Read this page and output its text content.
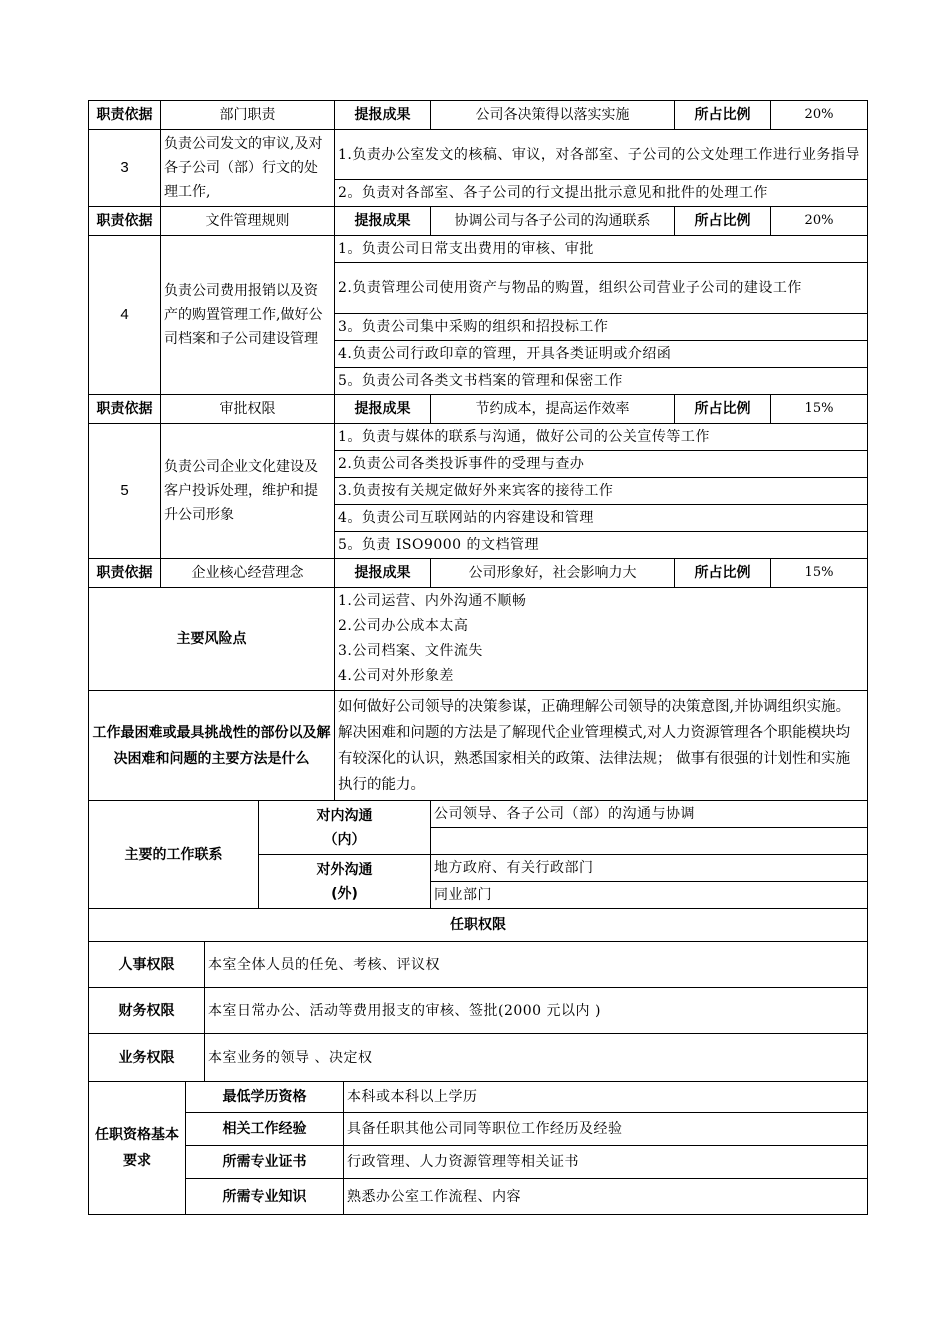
职责依据	部门职责		提报成果	公司各决策得以落实实施	所占比例	20%
3	负责公司发文的审议,及对各子公司（部）行文的处理工作,		1.负责办公室发文的核稿、审议，对各部室、子公司的公文处理工作进行业务指导			
			2。负责对各部室、各子公司的行文提出批示意见和批件的处理工作			
职责依据	文件管理规则		提报成果	协调公司与各子公司的沟通联系	所占比例	20%
4	负责公司费用报销以及资产的购置管理工作,做好公司档案和子公司建设管理		1。负责公司日常支出费用的审核、审批			
			2.负责管理公司使用资产与物品的购置，组织公司营业子公司的建设工作			
			3。负责公司集中采购的组织和招投标工作			
			4.负责公司行政印章的管理，开具各类证明或介绍函			
			5。负责公司各类文书档案的管理和保密工作			
职责依据	审批权限		提报成果	节约成本，提高运作效率	所占比例	15%
5	负责公司企业文化建设及客户投诉处理，维护和提升公司形象		1。负责与媒体的联系与沟通，做好公司的公关宣传等工作			
			2.负责公司各类投诉事件的受理与查办			
			3.负责按有关规定做好外来宾客的接待工作			
			4。负责公司互联网站的内容建设和管理			
			5。负责 ISO9000 的文档管理			
职责依据	企业核心经营理念		提报成果	公司形象好，社会影响力大	所占比例	15%
主要风险点			1.公司运营、内外沟通不顺畅
2.公司办公成本太高
3.公司档案、文件流失
4.公司对外形象差			

工作最困难或最具挑战性的部份以及解决困难和问题的主要方法是什么			如何做好公司领导的决策参谋，正确理解公司领导的决策意图,并协调组织实施。解决困难和问题的方法是了解现代企业管理模式,对人力资源管理各个职能模块均有较深化的认识，熟悉国家相关的政策、法律法规； 做事有很强的计划性和实施执行的能力。			
主要的工作联系		对内沟通
（内）		公司领导、各子公司（部）的沟通与协调		

		对外沟通
(外)		地方政府、有关行政部门		
				同业部门		
任职权限						
人事权限	本室全体人员的任免、考核、评议权
财务权限	本室日常办公、活动等费用报支的审核、签批(2000 元以内 )
业务权限	本室业务的领导 、决定权
任职资格基本要求	最低学历资格	本科或本科以上学历
	相关工作经验	具备任职其他公司同等职位工作经历及经验
	所需专业证书	行政管理、人力资源管理等相关证书
	所需专业知识	熟悉办公室工作流程、内容
